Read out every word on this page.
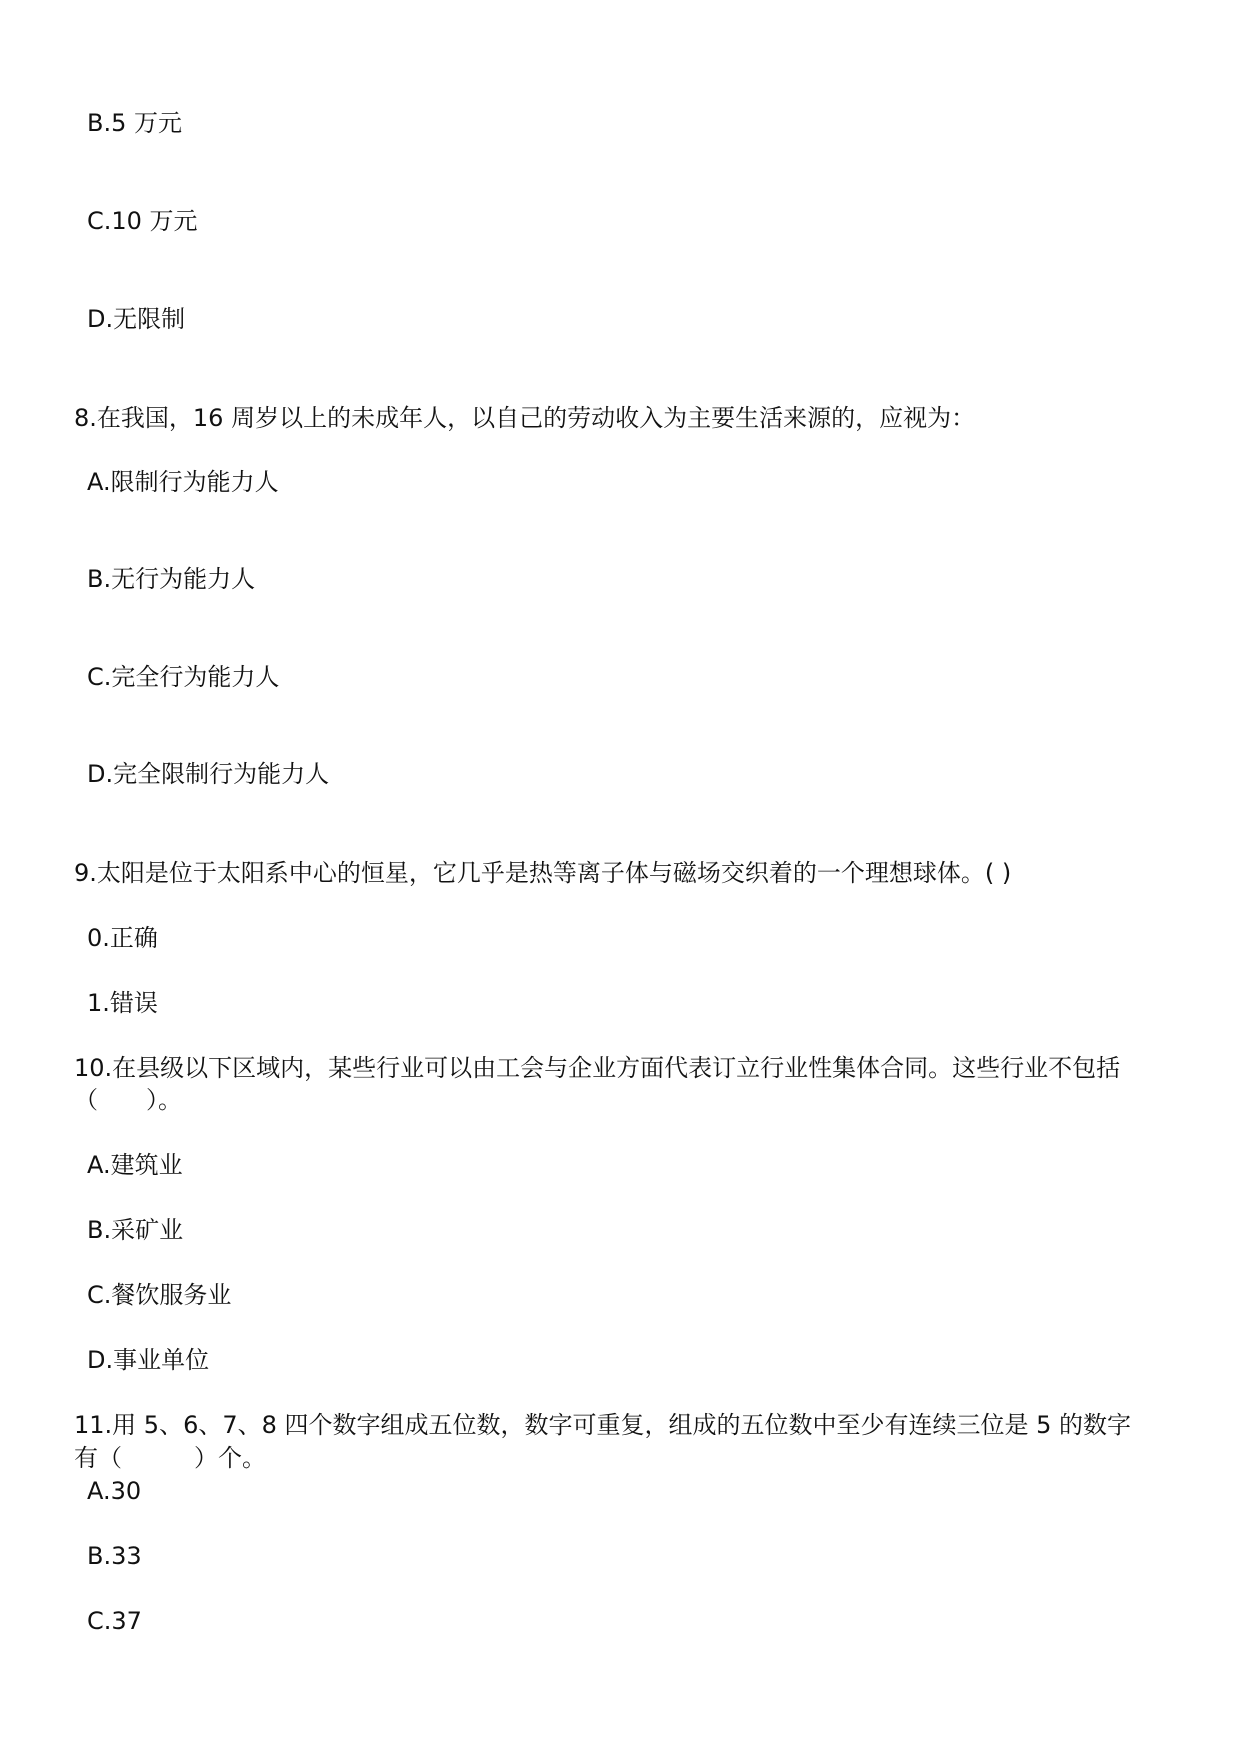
B.5 万元
C.10 万元
D.无限制
8.在我国，16 周岁以上的未成年人，以自己的劳动收入为主要生活来源的，应视为：
A.限制行为能力人
B.无行为能力人
C.完全行为能力人
D.完全限制行为能力人
9.太阳是位于太阳系中心的恒星，它几乎是热等离子体与磁场交织着的一个理想球体。( )
0.正确
1.错误
10.在县级以下区域内，某些行业可以由工会与企业方面代表订立行业性集体合同。这些行业不包括
（　　）。
A.建筑业
B.采矿业
C.餐饮服务业
D.事业单位
11.用 5、6、7、8 四个数字组成五位数，数字可重复，组成的五位数中至少有连续三位是 5 的数字
有（　　　）个。
A.30
B.33
C.37
